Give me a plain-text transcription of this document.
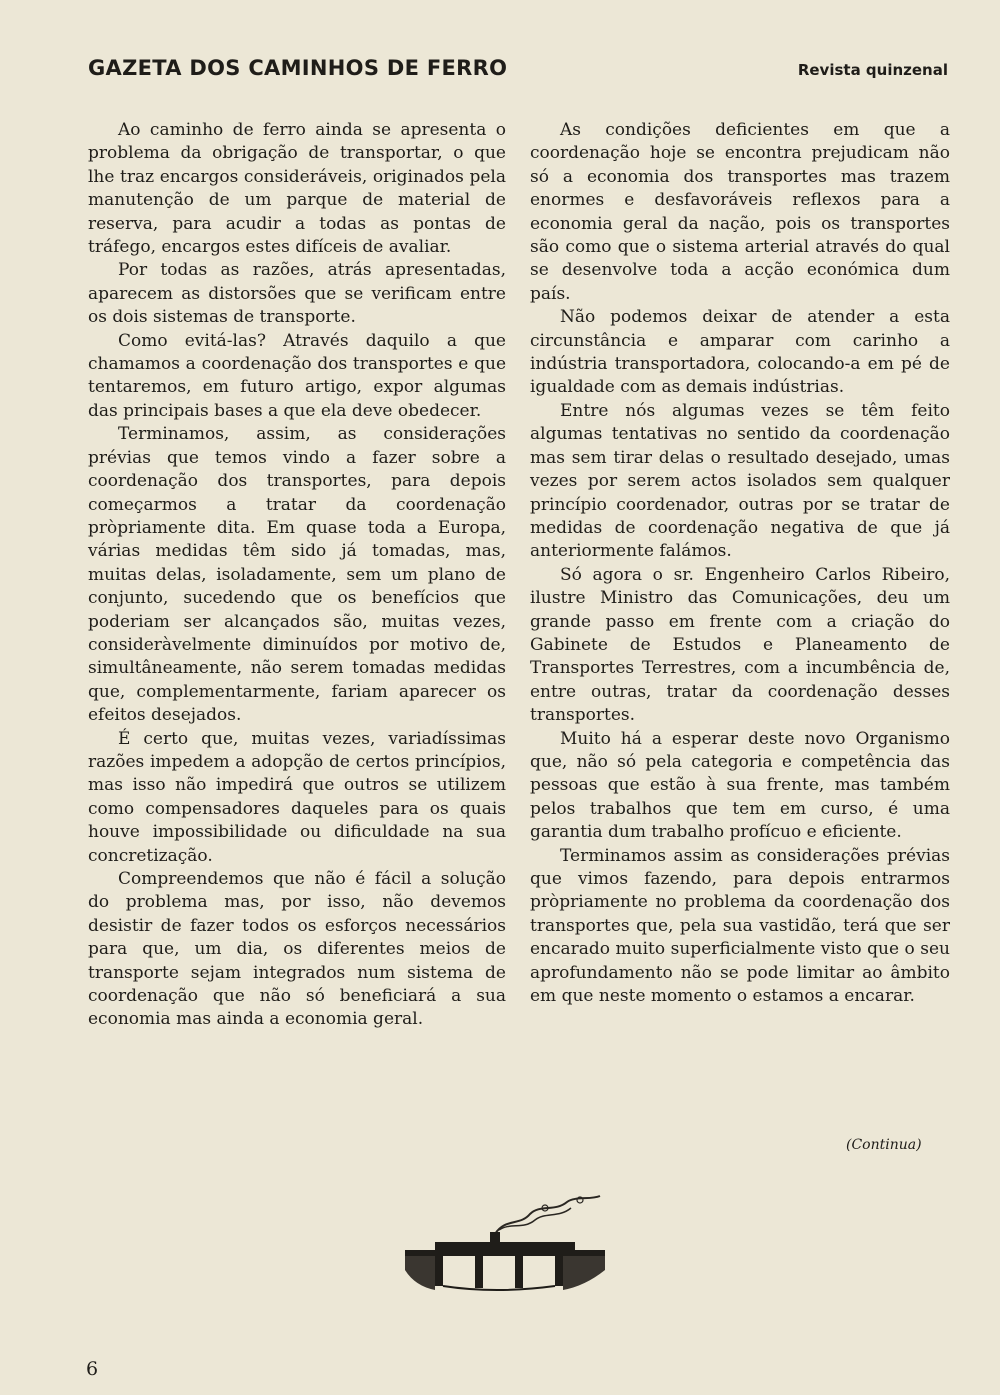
GAZETA DOS CAMINHOS DE FERRO	Revista quinzenal

Ao caminho de ferro ainda se apresenta o problema da obrigação de transportar, o que lhe traz encargos consideráveis, originados pela manutenção de um parque de material de reserva, para acudir a todas as pontas de tráfego, encargos estes difíceis de avaliar.

Por todas as razões, atrás apresentadas, aparecem as distorsões que se verificam entre os dois sistemas de transporte.

Como evitá-las? Através daquilo a que chamamos a coordenação dos transportes e que tentaremos, em futuro artigo, expor algumas das principais bases a que ela deve obedecer.

Terminamos, assim, as considerações prévias que temos vindo a fazer sobre a coordenação dos transportes, para depois começarmos a tratar da coordenação pròpriamente dita. Em quase toda a Europa, várias medidas têm sido já tomadas, mas, muitas delas, isoladamente, sem um plano de conjunto, sucedendo que os benefícios que poderiam ser alcançados são, muitas vezes, consideràvelmente diminuídos por motivo de, simultâneamente, não serem tomadas medidas que, complementarmente, fariam aparecer os efeitos desejados.

É certo que, muitas vezes, variadíssimas razões impedem a adopção de certos princípios, mas isso não impedirá que outros se utilizem como compensadores daqueles para os quais houve impossibilidade ou dificuldade na sua concretização.

Compreendemos que não é fácil a solução do problema mas, por isso, não devemos desistir de fazer todos os esforços necessários para que, um dia, os diferentes meios de transporte sejam integrados num sistema de coordenação que não só beneficiará a sua economia mas ainda a economia geral.

As condições deficientes em que a coordenação hoje se encontra prejudicam não só a economia dos transportes mas trazem enormes e desfavoráveis reflexos para a economia geral da nação, pois os transportes são como que o sistema arterial através do qual se desenvolve toda a acção económica dum país.

Não podemos deixar de atender a esta circunstância e amparar com carinho a indústria transportadora, colocando-a em pé de igualdade com as demais indústrias.

Entre nós algumas vezes se têm feito algumas tentativas no sentido da coordenação mas sem tirar delas o resultado desejado, umas vezes por serem actos isolados sem qualquer princípio coordenador, outras por se tratar de medidas de coordenação negativa de que já anteriormente falámos.

Só agora o sr. Engenheiro Carlos Ribeiro, ilustre Ministro das Comunicações, deu um grande passo em frente com a criação do Gabinete de Estudos e Planeamento de Transportes Terrestres, com a incumbência de, entre outras, tratar da coordenação desses transportes.

Muito há a esperar deste novo Organismo que, não só pela categoria e competência das pessoas que estão à sua frente, mas também pelos trabalhos que tem em curso, é uma garantia dum trabalho profícuo e eficiente.

Terminamos assim as considerações prévias que vimos fazendo, para depois entrarmos pròpriamente no problema da coordenação dos transportes que, pela sua vastidão, terá que ser encarado muito superficialmente visto que o seu aprofundamento não se pode limitar ao âmbito em que neste momento o estamos a encarar.

(Continua)
6
